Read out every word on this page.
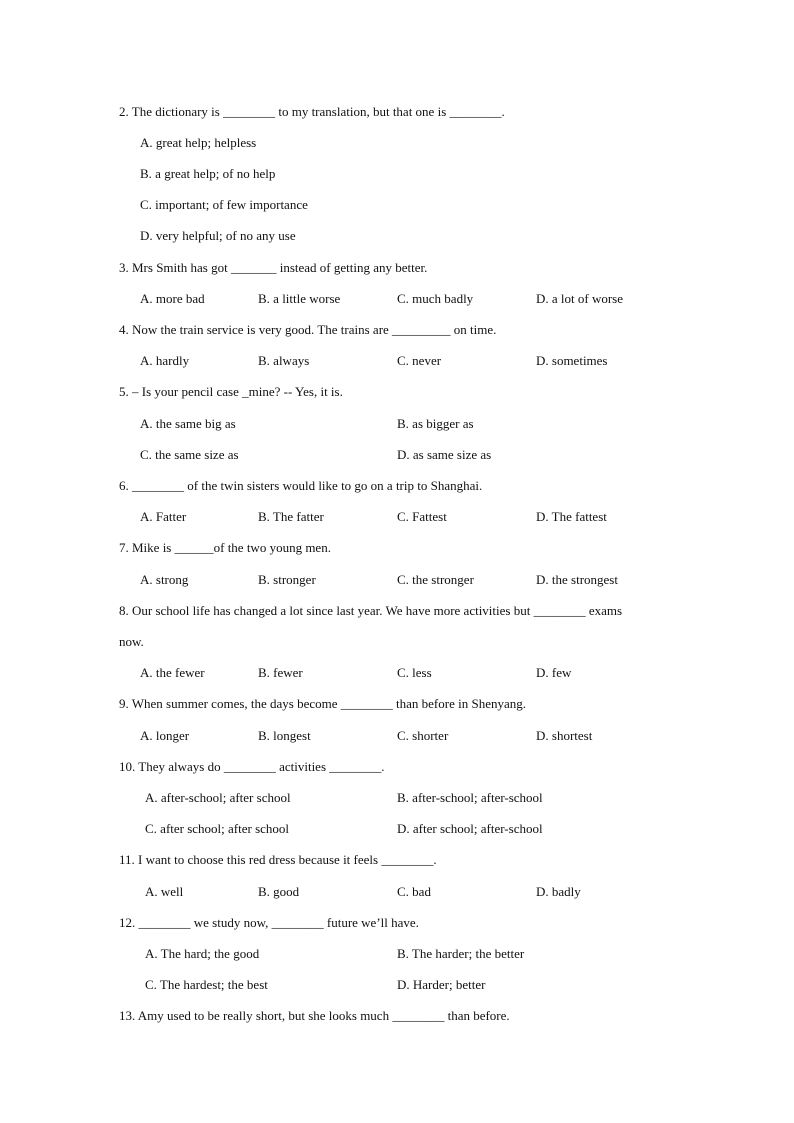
2. The dictionary is ________ to my translation, but that one is ________.
A. great help; helpless
B. a great help; of no help
C. important; of few importance
D. very helpful; of no any use
3. Mrs Smith has got _______ instead of getting any better.
A. more bad	B. a little worse	C. much badly	D. a lot of worse
4. Now the train service is very good. The trains are _________ on time.
A. hardly	B. always	C. never	D. sometimes
5. – Is your pencil case _mine? -- Yes, it is.
A. the same big as	B. as bigger as
C. the same size as	D. as same size as
6. ________ of the twin sisters would like to go on a trip to Shanghai.
A. Fatter	B. The fatter	C. Fattest	D. The fattest
7. Mike is ______of the two young men.
A. strong	B. stronger	C. the stronger	D. the strongest
8. Our school life has changed a lot since last year. We have more activities but ________ exams
now.
A. the fewer	B. fewer	C. less	D. few
9. When summer comes, the days become ________ than before in Shenyang.
A. longer	B. longest	C. shorter	D. shortest
10. They always do ________ activities ________.
A. after-school; after school	B. after-school; after-school
C. after school; after school	D. after school; after-school
11. I want to choose this red dress because it feels ________.
A. well	B. good	C. bad	D. badly
12. ________ we study now, ________ future we’ll have.
A. The hard; the good	B. The harder; the better
C. The hardest; the best	D. Harder; better
13. Amy used to be really short, but she looks much ________ than before.
